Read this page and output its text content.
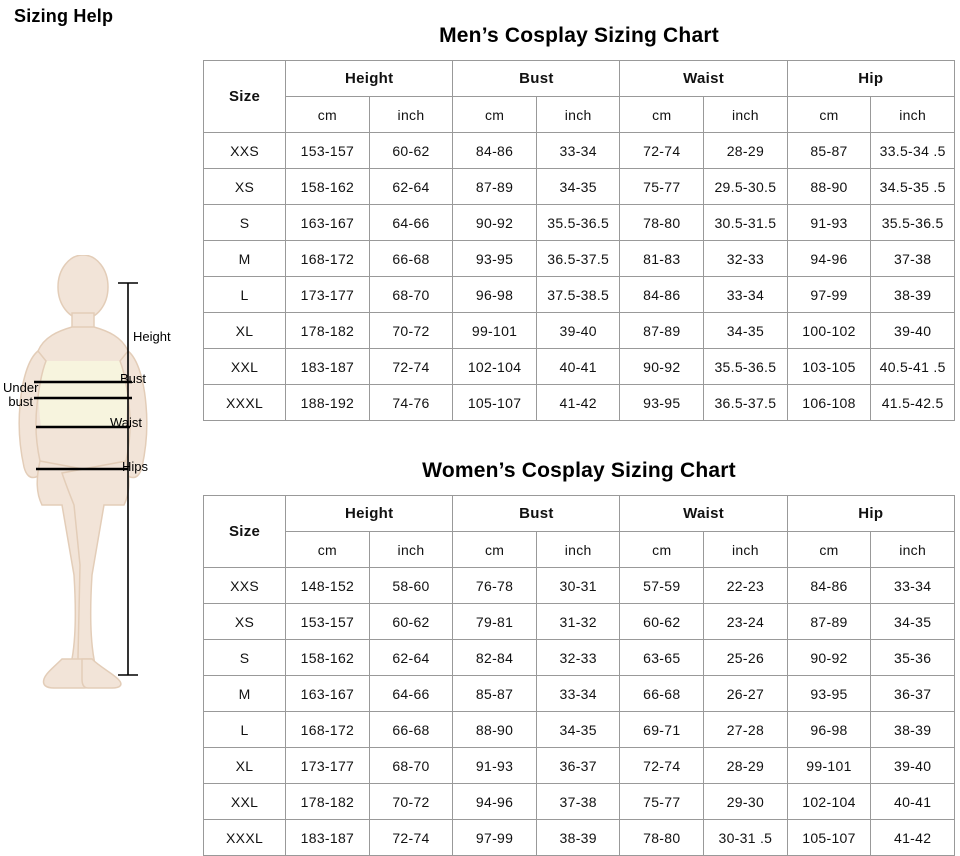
Sizing Help
Height
Bust
Under
bust
Waist
Hips
Men’s Cosplay Sizing Chart
Size	Height		Bust		Waist		Hip	
	cm	inch	cm	inch	cm	inch	cm	inch
XXS	153-157	60-62	84-86	33-34	72-74	28-29	85-87	33.5-34 .5
XS	158-162	62-64	87-89	34-35	75-77	29.5-30.5	88-90	34.5-35 .5
S	163-167	64-66	90-92	35.5-36.5	78-80	30.5-31.5	91-93	35.5-36.5
M	168-172	66-68	93-95	36.5-37.5	81-83	32-33	94-96	37-38
L	173-177	68-70	96-98	37.5-38.5	84-86	33-34	97-99	38-39
XL	178-182	70-72	99-101	39-40	87-89	34-35	100-102	39-40
XXL	183-187	72-74	102-104	40-41	90-92	35.5-36.5	103-105	40.5-41 .5
XXXL	188-192	74-76	105-107	41-42	93-95	36.5-37.5	106-108	41.5-42.5
Women’s Cosplay Sizing Chart
Size	Height		Bust		Waist		Hip	
	cm	inch	cm	inch	cm	inch	cm	inch
XXS	148-152	58-60	76-78	30-31	57-59	22-23	84-86	33-34
XS	153-157	60-62	79-81	31-32	60-62	23-24	87-89	34-35
S	158-162	62-64	82-84	32-33	63-65	25-26	90-92	35-36
M	163-167	64-66	85-87	33-34	66-68	26-27	93-95	36-37
L	168-172	66-68	88-90	34-35	69-71	27-28	96-98	38-39
XL	173-177	68-70	91-93	36-37	72-74	28-29	99-101	39-40
XXL	178-182	70-72	94-96	37-38	75-77	29-30	102-104	40-41
XXXL	183-187	72-74	97-99	38-39	78-80	30-31 .5	105-107	41-42
